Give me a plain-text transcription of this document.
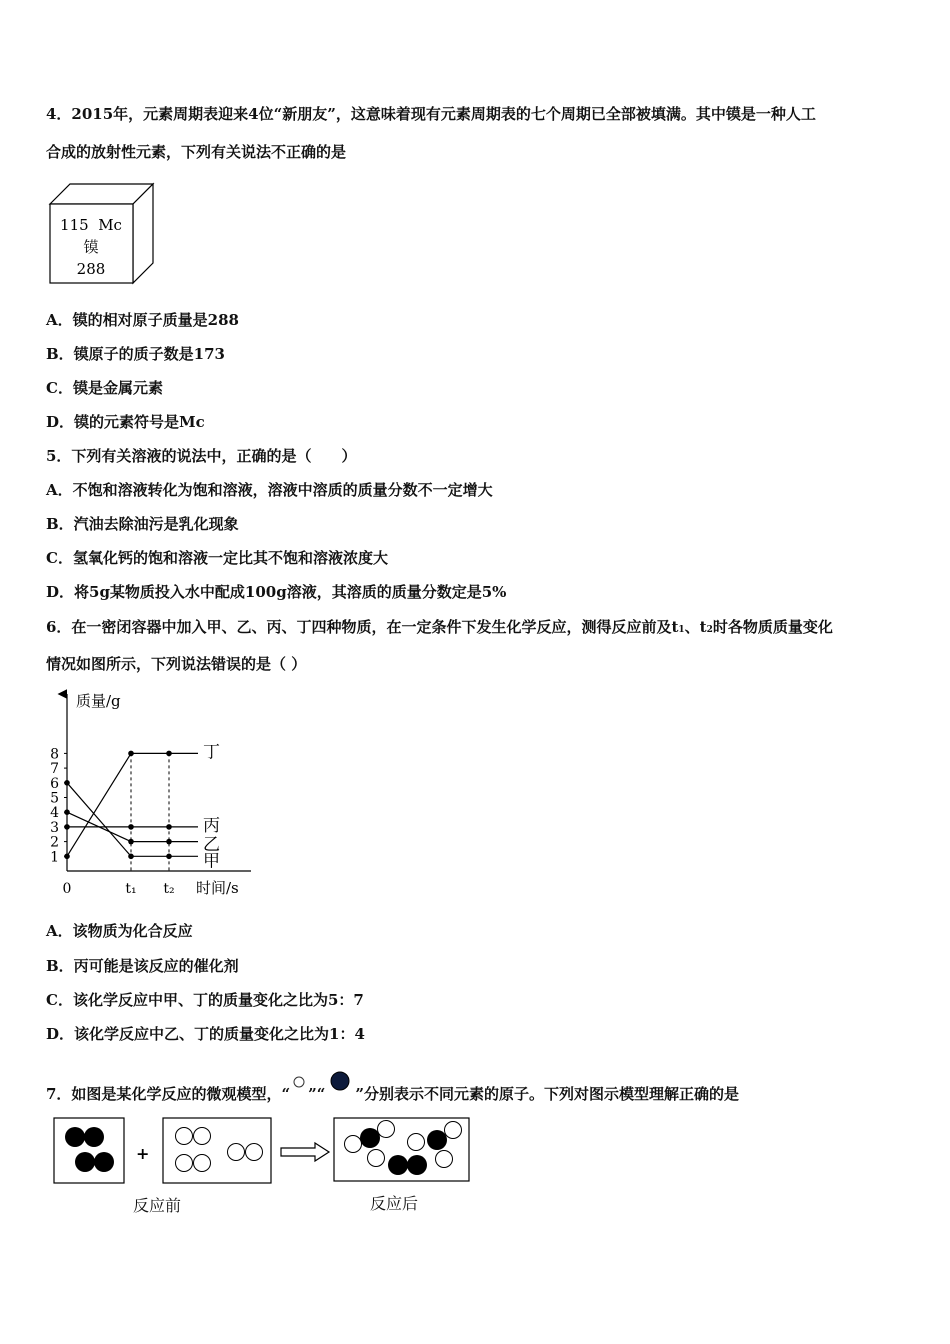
4．2015年，元素周期表迎来4位“新朋友”，这意味着现有元素周期表的七个周期已全部被填满。其中镆是一种人工
合成的放射性元素，下列有关说法不正确的是
115  Mc
镆
288
A．镆的相对原子质量是288
B．镆原子的质子数是173
C．镆是金属元素
D．镆的元素符号是Mc
5．下列有关溶液的说法中，正确的是（　　）
A．不饱和溶液转化为饱和溶液，溶液中溶质的质量分数不一定增大
B．汽油去除油污是乳化现象
C．氢氧化钙的饱和溶液一定比其不饱和溶液浓度大
D．将5g某物质投入水中配成100g溶液，其溶质的质量分数定是5%
6．在一密闭容器中加入甲、乙、丙、丁四种物质，在一定条件下发生化学反应，测得反应前及t1、t2时各物质质量变化
情况如图所示，下列说法错误的是（ ）
质量/g
时间/s
1
2
3
4
5
6
7
8
0	t₁ t₂
丁
丙
乙
甲
A．该物质为化合反应
B．丙可能是该反应的催化剂
C．该化学反应中甲、丁的质量变化之比为5：7
D．该化学反应中乙、丁的质量变化之比为1：4
7．如图是某化学反应的微观模型，“ ”“ ”分别表示不同元素的原子。下列对图示模型理解正确的是
+
反应前	反应后
